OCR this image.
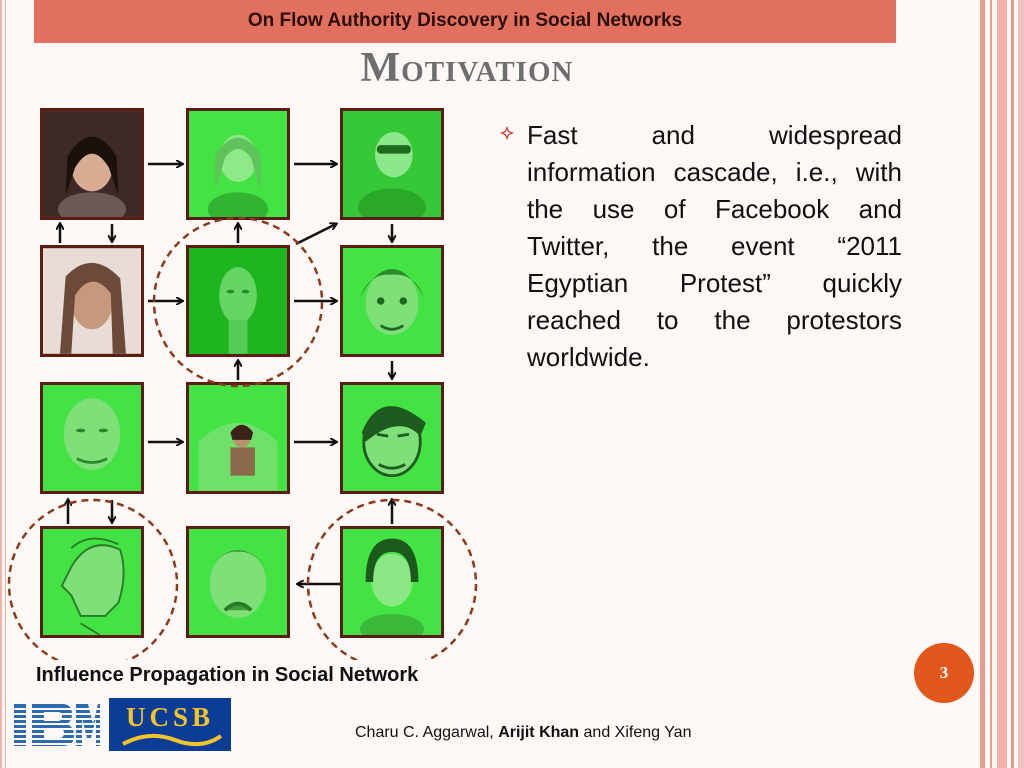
On Flow Authority Discovery in Social Networks
Motivation
Fast and widespread information cascade, i.e., with the use of Facebook and Twitter, the event “2011 Egyptian Protest” quickly reached to the protestors worldwide.
Influence Propagation in Social Network	3
UCSB
Charu C. Aggarwal, Arijit Khan and Xifeng Yan
